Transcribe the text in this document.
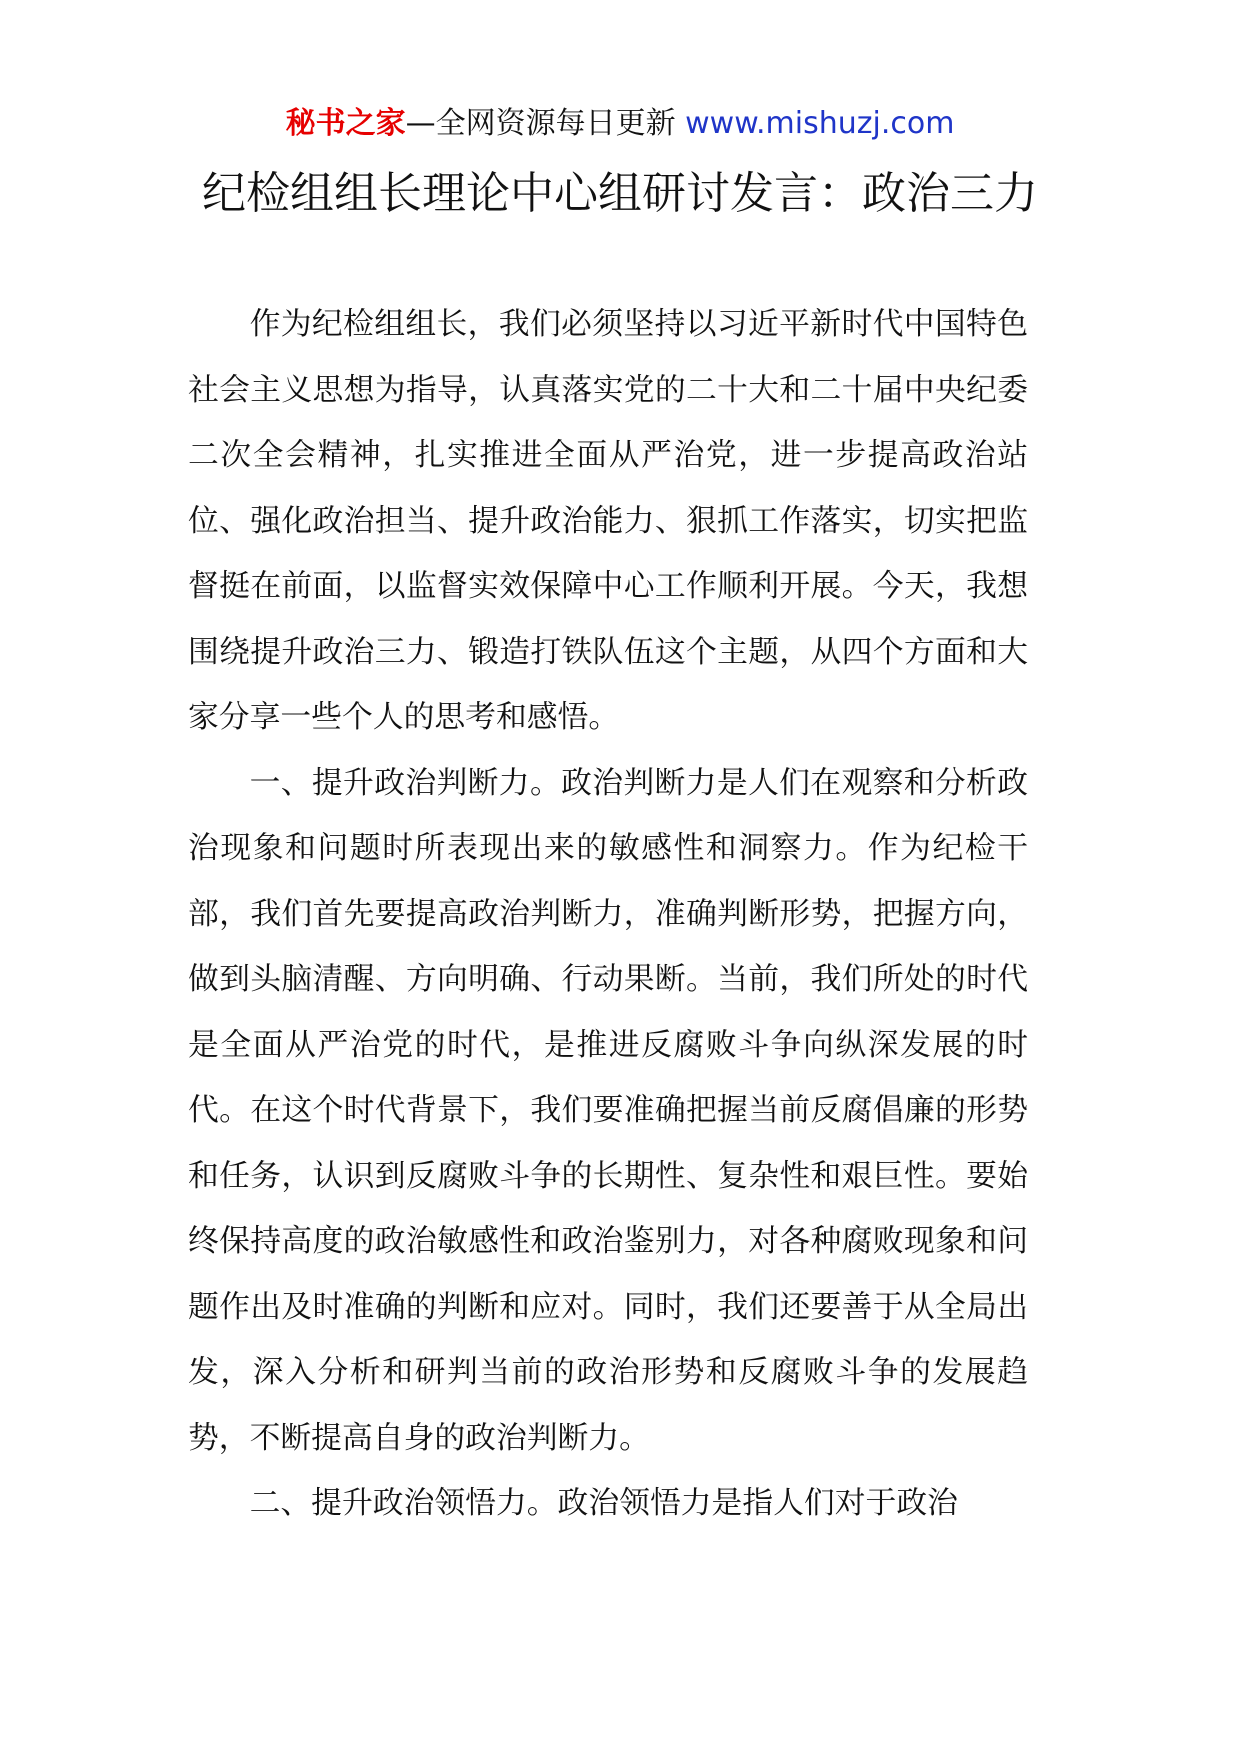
秘书之家—全网资源每日更新 www.mishuzj.com
纪检组组长理论中心组研讨发言：政治三力

作为纪检组组长，我们必须坚持以习近平新时代中国特色社会主义思想为指导，认真落实党的二十大和二十届中央纪委二次全会精神，扎实推进全面从严治党，进一步提高政治站位、强化政治担当、提升政治能力、狠抓工作落实，切实把监督挺在前面，以监督实效保障中心工作顺利开展。今天，我想围绕提升政治三力、锻造打铁队伍这个主题，从四个方面和大家分享一些个人的思考和感悟。

一、提升政治判断力。政治判断力是人们在观察和分析政治现象和问题时所表现出来的敏感性和洞察力。作为纪检干部，我们首先要提高政治判断力，准确判断形势，把握方向，做到头脑清醒、方向明确、行动果断。当前，我们所处的时代是全面从严治党的时代，是推进反腐败斗争向纵深发展的时代。在这个时代背景下，我们要准确把握当前反腐倡廉的形势和任务，认识到反腐败斗争的长期性、复杂性和艰巨性。要始终保持高度的政治敏感性和政治鉴别力，对各种腐败现象和问题作出及时准确的判断和应对。同时，我们还要善于从全局出发，深入分析和研判当前的政治形势和反腐败斗争的发展趋势，不断提高自身的政治判断力。

二、提升政治领悟力。政治领悟力是指人们对于政治
